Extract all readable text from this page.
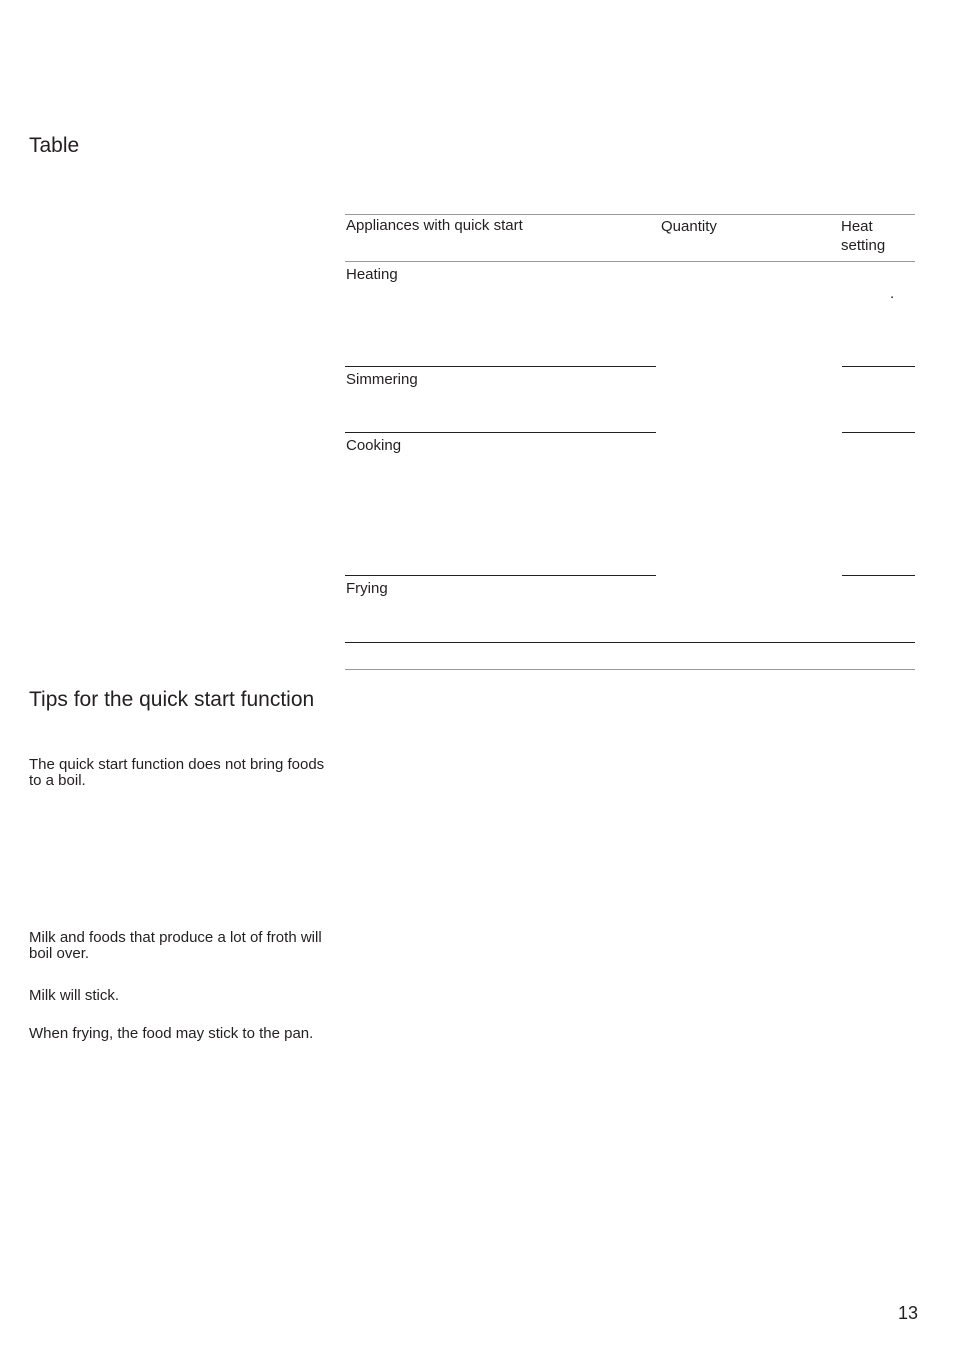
Table
Appliances with quick start	Quantity	Heat setting
Heating
.
Simmering
Cooking
Frying
Tips for the quick start function

The quick start function does not bring foods to a boil.

Milk and foods that produce a lot of froth will boil over.

Milk will stick.

When frying, the food may stick to the pan.

13
